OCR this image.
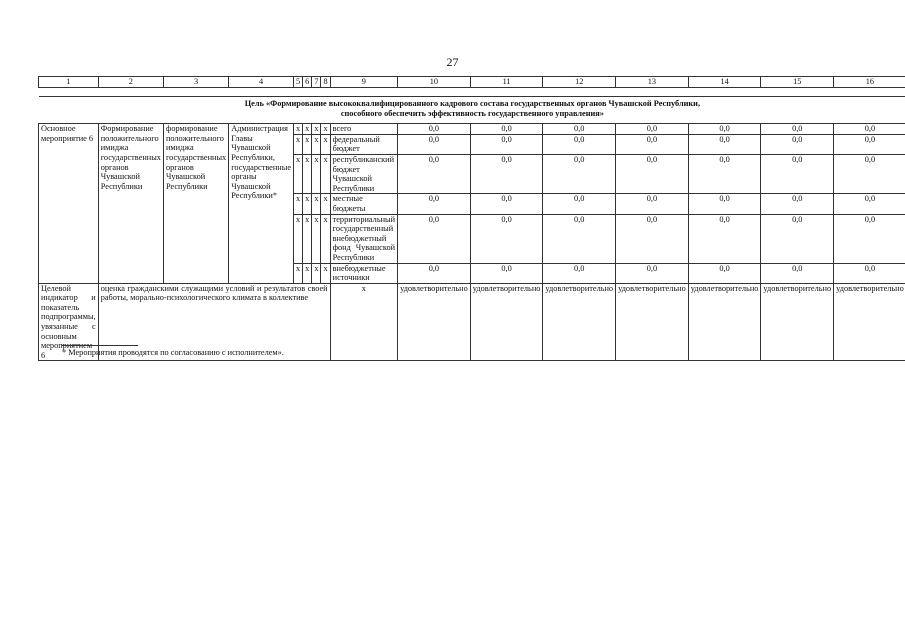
27
1	2	3	4	5	6	7	8	9	10	11	12	13	14	15	16

Цель «Формирование высококвалифицированного кадрового состава государственных органов Чувашской Республики,
способного обеспечить эффективность государственного управления»															

Основное мероприятие 6	Формирование положительного имиджа государственных органов Чувашской Республики	формирование положительного имиджа государственных органов Чувашской Республики	Администрация Главы Чувашской Республики, государственные органы Чувашской Республики*	x	x	x	x	всего	0,0	0,0	0,0	0,0	0,0	0,0	0,0
				x	x	x	x	федеральный бюджет	0,0	0,0	0,0	0,0	0,0	0,0	0,0
				x	x	x	x	республиканский бюджет Чувашской Республики	0,0	0,0	0,0	0,0	0,0	0,0	0,0
				x	x	x	x	местные бюджеты	0,0	0,0	0,0	0,0	0,0	0,0	0,0
				x	x	x	x	территориальный государственный внебюджетный фонд Чувашской Республики	0,0	0,0	0,0	0,0	0,0	0,0	0,0
				x	x	x	x	внебюджетные источники	0,0	0,0	0,0	0,0	0,0	0,0	0,0
Целевой индикатор и показатель подпрограммы, увязанные с основным мероприятием 6	оценка гражданскими служащими условий и результатов своей работы, морально-психологического климата в коллективе							x	удовлетворительно	удовлетворительно	удовлетворительно	удовлетворительно	удовлетворительно	удовлетворительно	удовлетворительно
* Мероприятия проводятся по согласованию с исполнителем».
